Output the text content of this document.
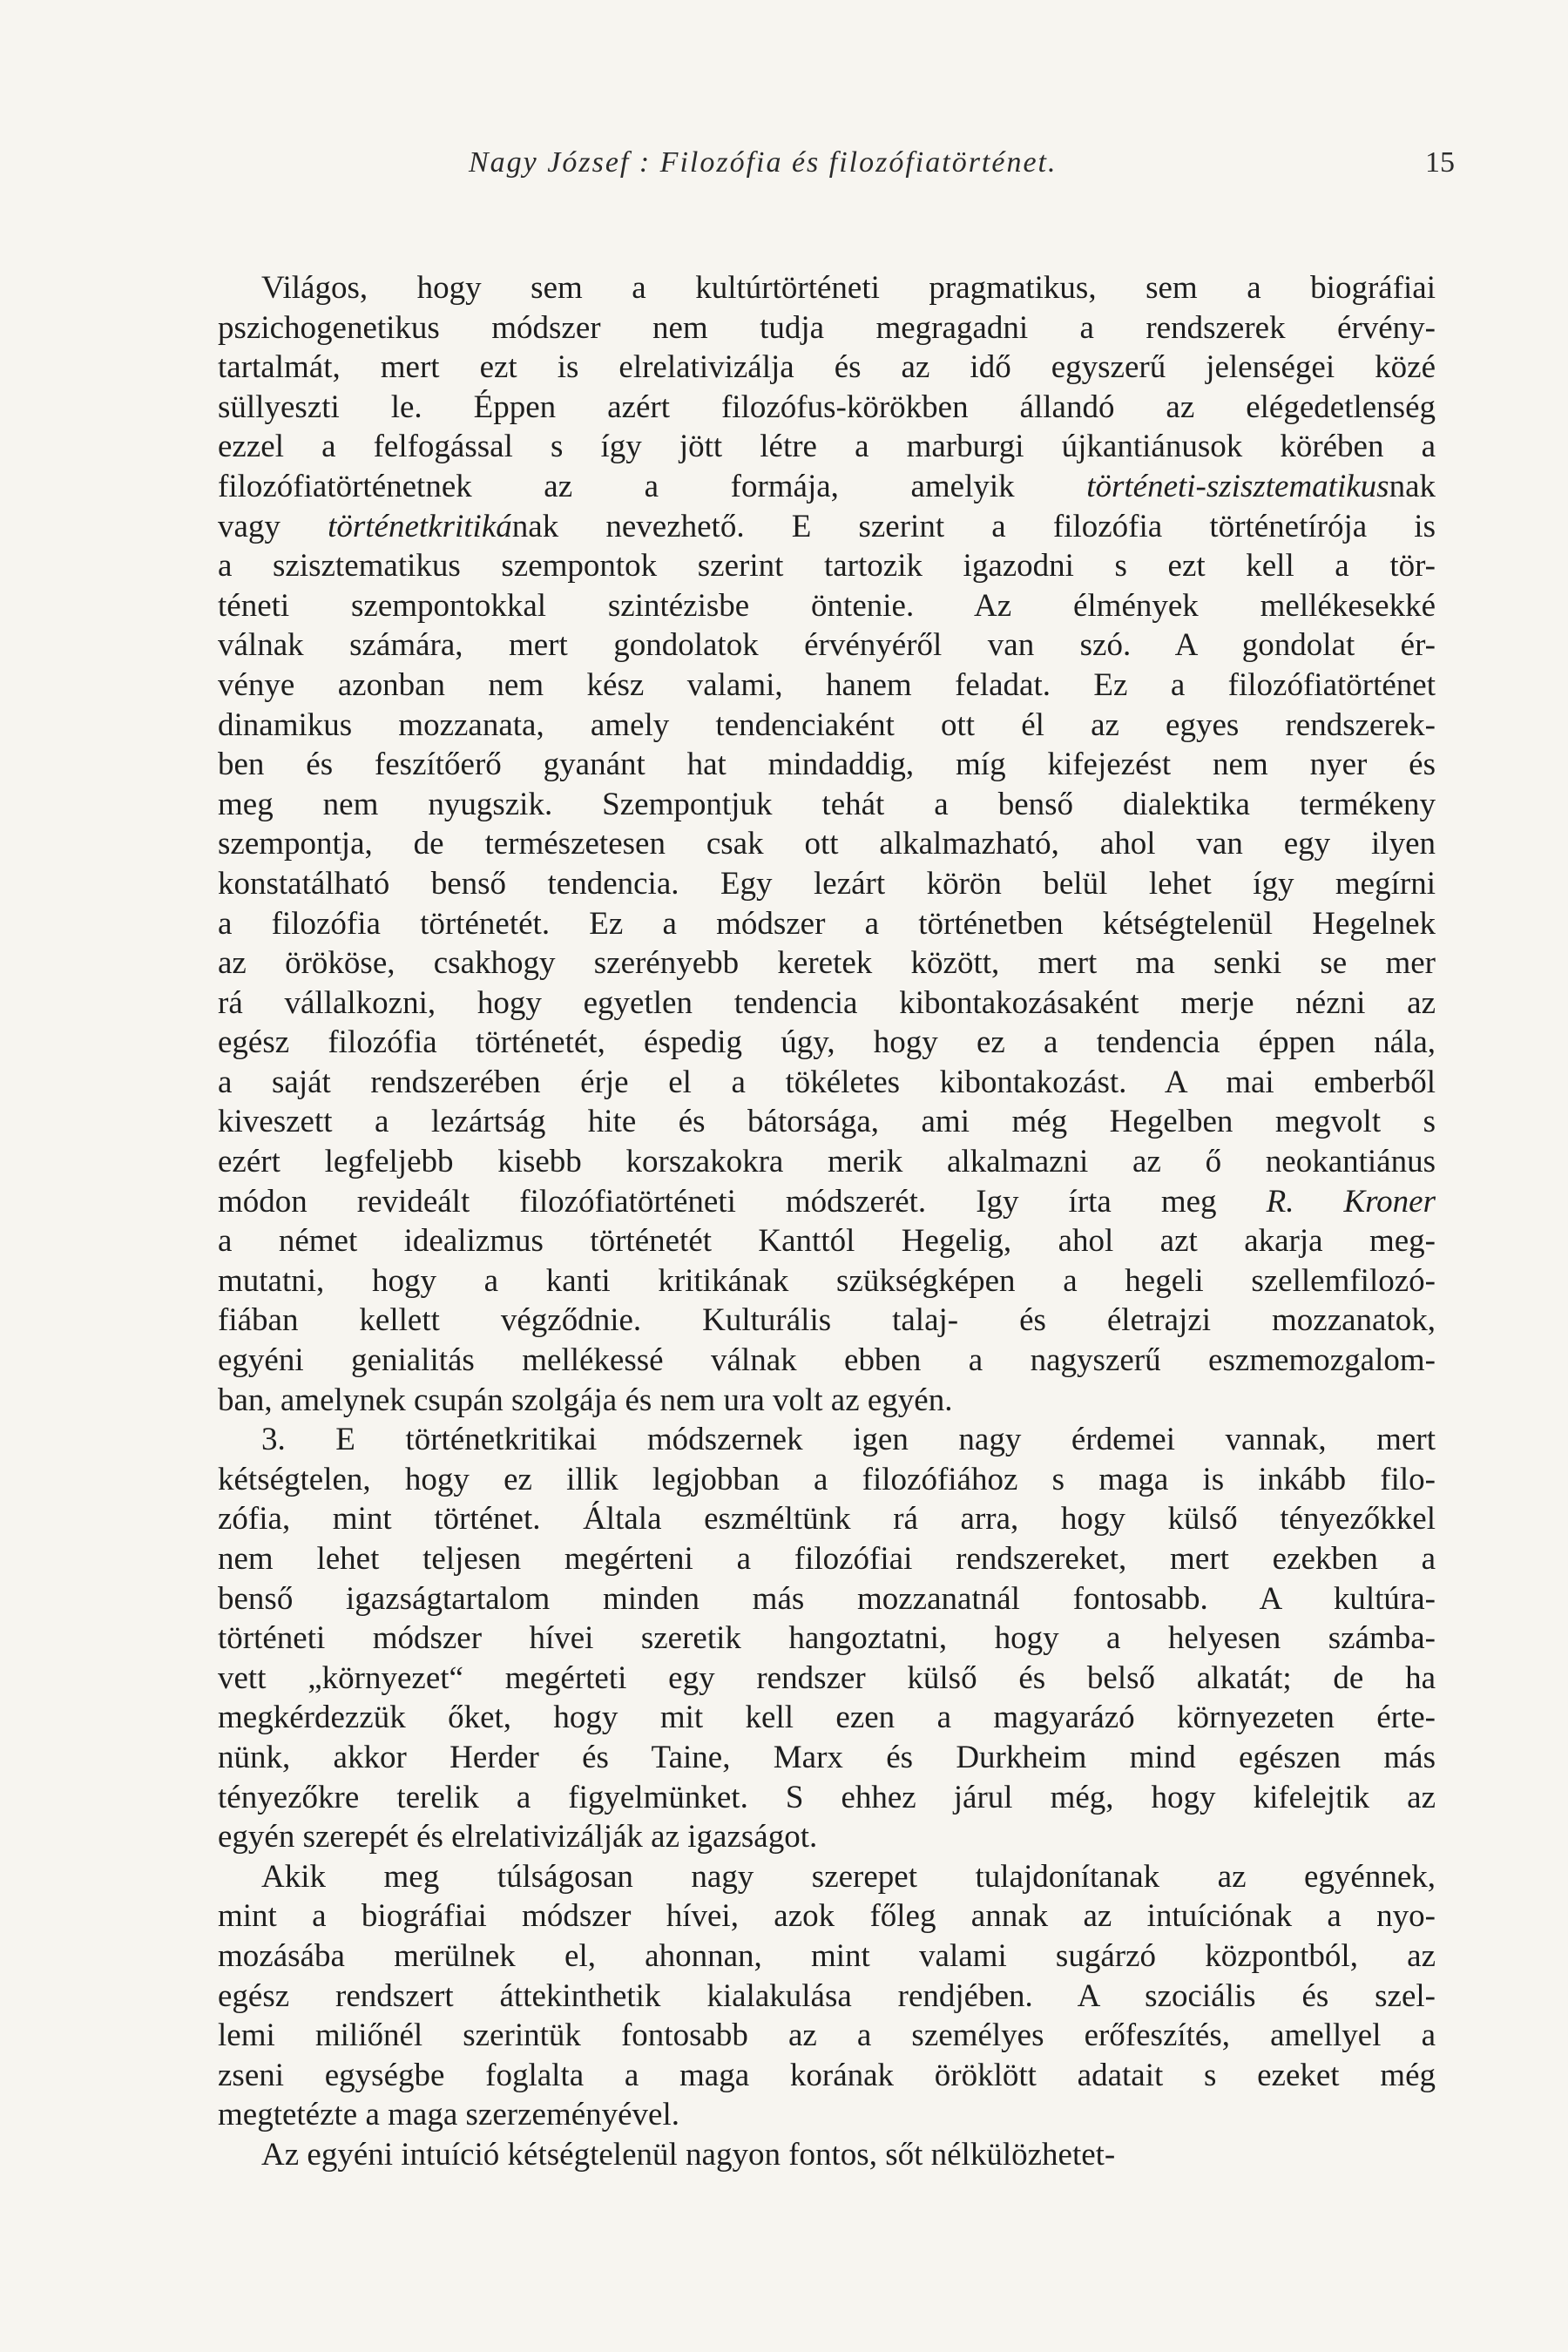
Nagy József : Filozófia és filozófiatörténet.	15
Világos, hogy sem a kultúrtörténeti pragmatikus, sem a biográfiai
pszichogenetikus módszer nem tudja megragadni a rendszerek érvény-
tartalmát, mert ezt is elrelativizálja és az idő egyszerű jelenségei közé
süllyeszti le. Éppen azért filozófus-körökben állandó az elégedetlenség
ezzel a felfogással s így jött létre a marburgi újkantiánusok körében a
filozófiatörténetnek az a formája, amelyik történeti-szisztematikusnak
vagy történetkritikának nevezhető. E szerint a filozófia történetírója is
a szisztematikus szempontok szerint tartozik igazodni s ezt kell a tör-
téneti szempontokkal szintézisbe öntenie. Az élmények mellékesekké
válnak számára, mert gondolatok érvényéről van szó. A gondolat ér-
vénye azonban nem kész valami, hanem feladat. Ez a filozófiatörténet
dinamikus mozzanata, amely tendenciaként ott él az egyes rendszerek-
ben és feszítőerő gyanánt hat mindaddig, míg kifejezést nem nyer és
meg nem nyugszik. Szempontjuk tehát a benső dialektika termékeny
szempontja, de természetesen csak ott alkalmazható, ahol van egy ilyen
konstatálható benső tendencia. Egy lezárt körön belül lehet így megírni
a filozófia történetét. Ez a módszer a történetben kétségtelenül Hegelnek
az örököse, csakhogy szerényebb keretek között, mert ma senki se mer
rá vállalkozni, hogy egyetlen tendencia kibontakozásaként merje nézni az
egész filozófia történetét, éspedig úgy, hogy ez a tendencia éppen nála,
a saját rendszerében érje el a tökéletes kibontakozást. A mai emberből
kiveszett a lezártság hite és bátorsága, ami még Hegelben megvolt s
ezért legfeljebb kisebb korszakokra merik alkalmazni az ő neokantiánus
módon revideált filozófiatörténeti módszerét. Igy írta meg R. Kroner
a német idealizmus történetét Kanttól Hegelig, ahol azt akarja meg-
mutatni, hogy a kanti kritikának szükségképen a hegeli szellemfilozó-
fiában kellett végződnie. Kulturális talaj- és életrajzi mozzanatok,
egyéni genialitás mellékessé válnak ebben a nagyszerű eszmemozgalom-
ban, amelynek csupán szolgája és nem ura volt az egyén.
3. E történetkritikai módszernek igen nagy érdemei vannak, mert
kétségtelen, hogy ez illik legjobban a filozófiához s maga is inkább filo-
zófia, mint történet. Általa eszméltünk rá arra, hogy külső tényezőkkel
nem lehet teljesen megérteni a filozófiai rendszereket, mert ezekben a
benső igazságtartalom minden más mozzanatnál fontosabb. A kultúra-
történeti módszer hívei szeretik hangoztatni, hogy a helyesen számba-
vett „környezet“ megérteti egy rendszer külső és belső alkatát; de ha
megkérdezzük őket, hogy mit kell ezen a magyarázó környezeten érte-
nünk, akkor Herder és Taine, Marx és Durkheim mind egészen más
tényezőkre terelik a figyelmünket. S ehhez járul még, hogy kifelejtik az
egyén szerepét és elrelativizálják az igazságot.
Akik meg túlságosan nagy szerepet tulajdonítanak az egyénnek,
mint a biográfiai módszer hívei, azok főleg annak az intuíciónak a nyo-
mozásába merülnek el, ahonnan, mint valami sugárzó központból, az
egész rendszert áttekinthetik kialakulása rendjében. A szociális és szel-
lemi miliőnél szerintük fontosabb az a személyes erőfeszítés, amellyel a
zseni egységbe foglalta a maga korának öröklött adatait s ezeket még
megtetézte a maga szerzeményével.
Az egyéni intuíció kétségtelenül nagyon fontos, sőt nélkülözhetet-
